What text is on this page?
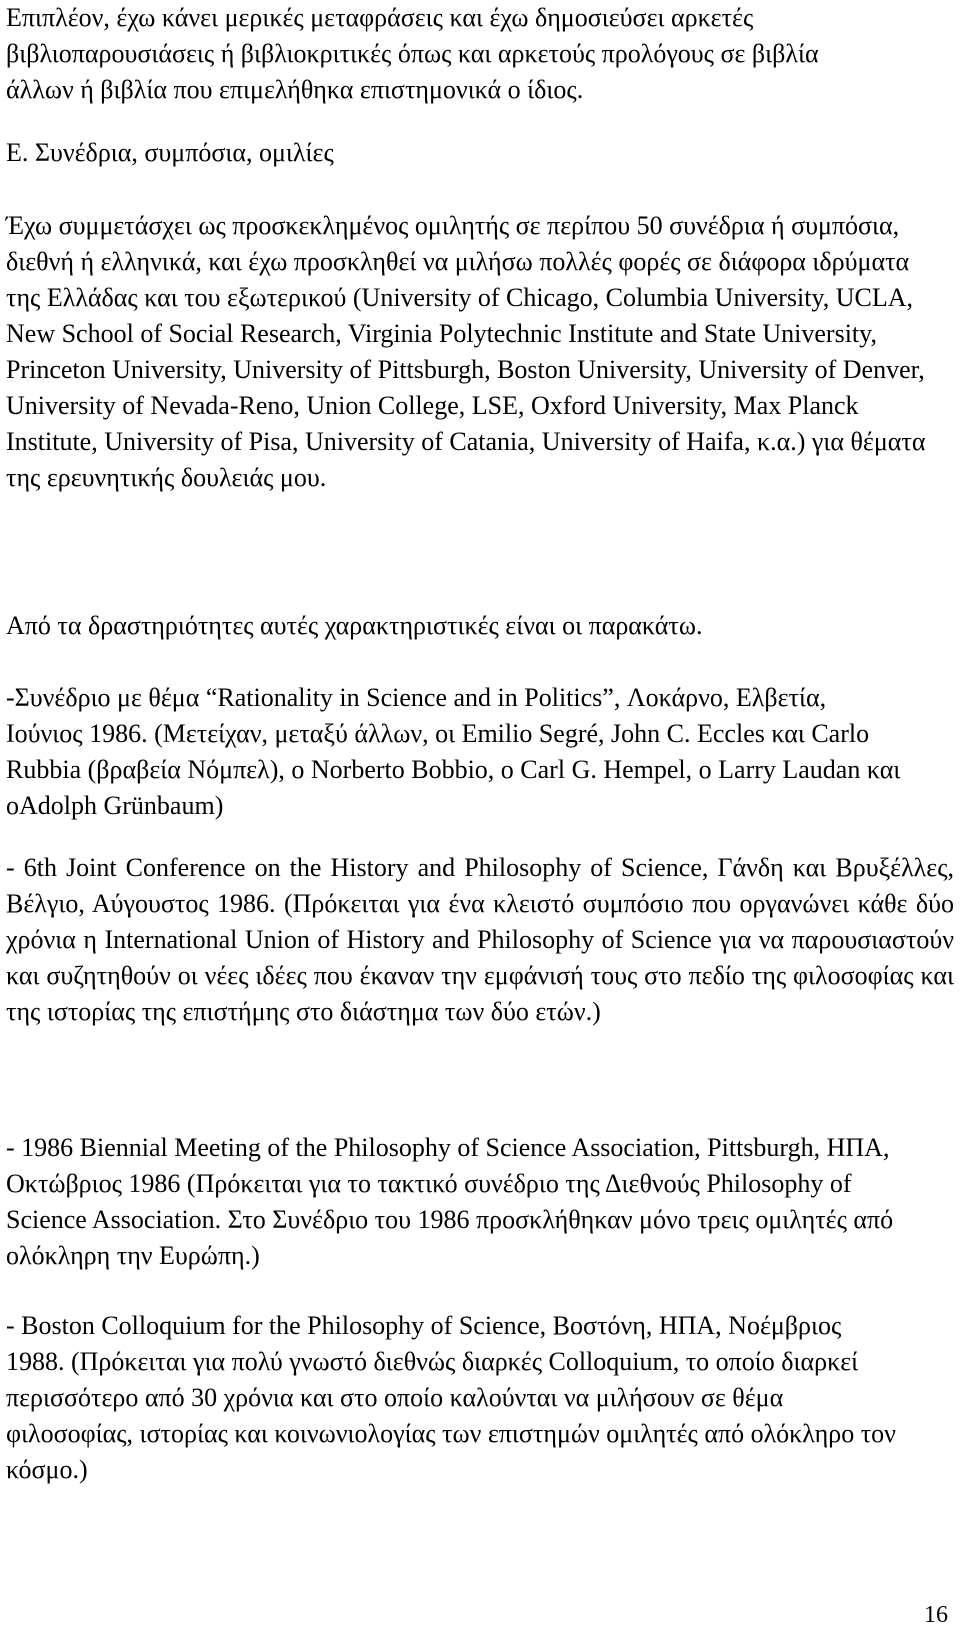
Επιπλέον, έχω κάνει μερικές μεταφράσεις και έχω δημοσιεύσει αρκετές βιβλιοπαρουσιάσεις ή βιβλιοκριτικές όπως και αρκετούς προλόγους σε βιβλία άλλων ή βιβλία που επιμελήθηκα επιστημονικά ο ίδιος.

Ε. Συνέδρια, συμπόσια, ομιλίες

Έχω συμμετάσχει ως προσκεκλημένος ομιλητής σε περίπου 50 συνέδρια ή συμπόσια, διεθνή ή ελληνικά, και έχω προσκληθεί να μιλήσω πολλές φορές σε διάφορα ιδρύματα της Ελλάδας και του εξωτερικού (University of Chicago, Columbia University, UCLA, New School of Social Research, Virginia Polytechnic Institute and State University, Princeton University, University of Pittsburgh, Boston University, University of Denver, University of Nevada-Reno, Union College, LSE, Oxford University, Max Planck Institute, University of Pisa, University of Catania, University of Haifa, κ.α.) για θέματα της ερευνητικής δουλειάς μου.

Από τα δραστηριότητες αυτές χαρακτηριστικές είναι οι παρακάτω.

-Συνέδριο με θέμα “Rationality in Science and in Politics”, Λοκάρνο, Ελβετία, Ιούνιος 1986. (Μετείχαν, μεταξύ άλλων, οι Emilio Segré, John C. Eccles και Carlo Rubbia (βραβεία Νόμπελ), ο Norberto Bobbio, ο Carl G. Hempel, ο Larry Laudan και οAdolph Grünbaum)

- 6th Joint Conference on the History and Philosophy of Science, Γάνδη και Βρυξέλλες, Βέλγιο, Αύγουστος 1986. (Πρόκειται για ένα κλειστό συμπόσιο που οργανώνει κάθε δύο χρόνια η International Union of History and Philosophy of Science για να παρουσιαστούν και συζητηθούν οι νέες ιδέες που έκαναν την εμφάνισή τους στο πεδίο της φιλοσοφίας και της ιστορίας της επιστήμης στο διάστημα των δύο ετών.)

- 1986 Biennial Meeting of the Philosophy of Science Association, Pittsburgh, ΗΠΑ, Οκτώβριος 1986 (Πρόκειται για το τακτικό συνέδριο της Διεθνούς Philosophy of Science Association. Στο Συνέδριο του 1986 προσκλήθηκαν μόνο τρεις ομιλητές από ολόκληρη την Ευρώπη.)

- Boston Colloquium for the Philosophy of Science, Βοστόνη, ΗΠΑ, Νοέμβριος 1988. (Πρόκειται για πολύ γνωστό διεθνώς διαρκές Colloquium, το οποίο διαρκεί περισσότερο από 30 χρόνια και στο οποίο καλούνται να μιλήσουν σε θέμα φιλοσοφίας, ιστορίας και κοινωνιολογίας των επιστημών ομιλητές από ολόκληρο τον κόσμο.)

16
